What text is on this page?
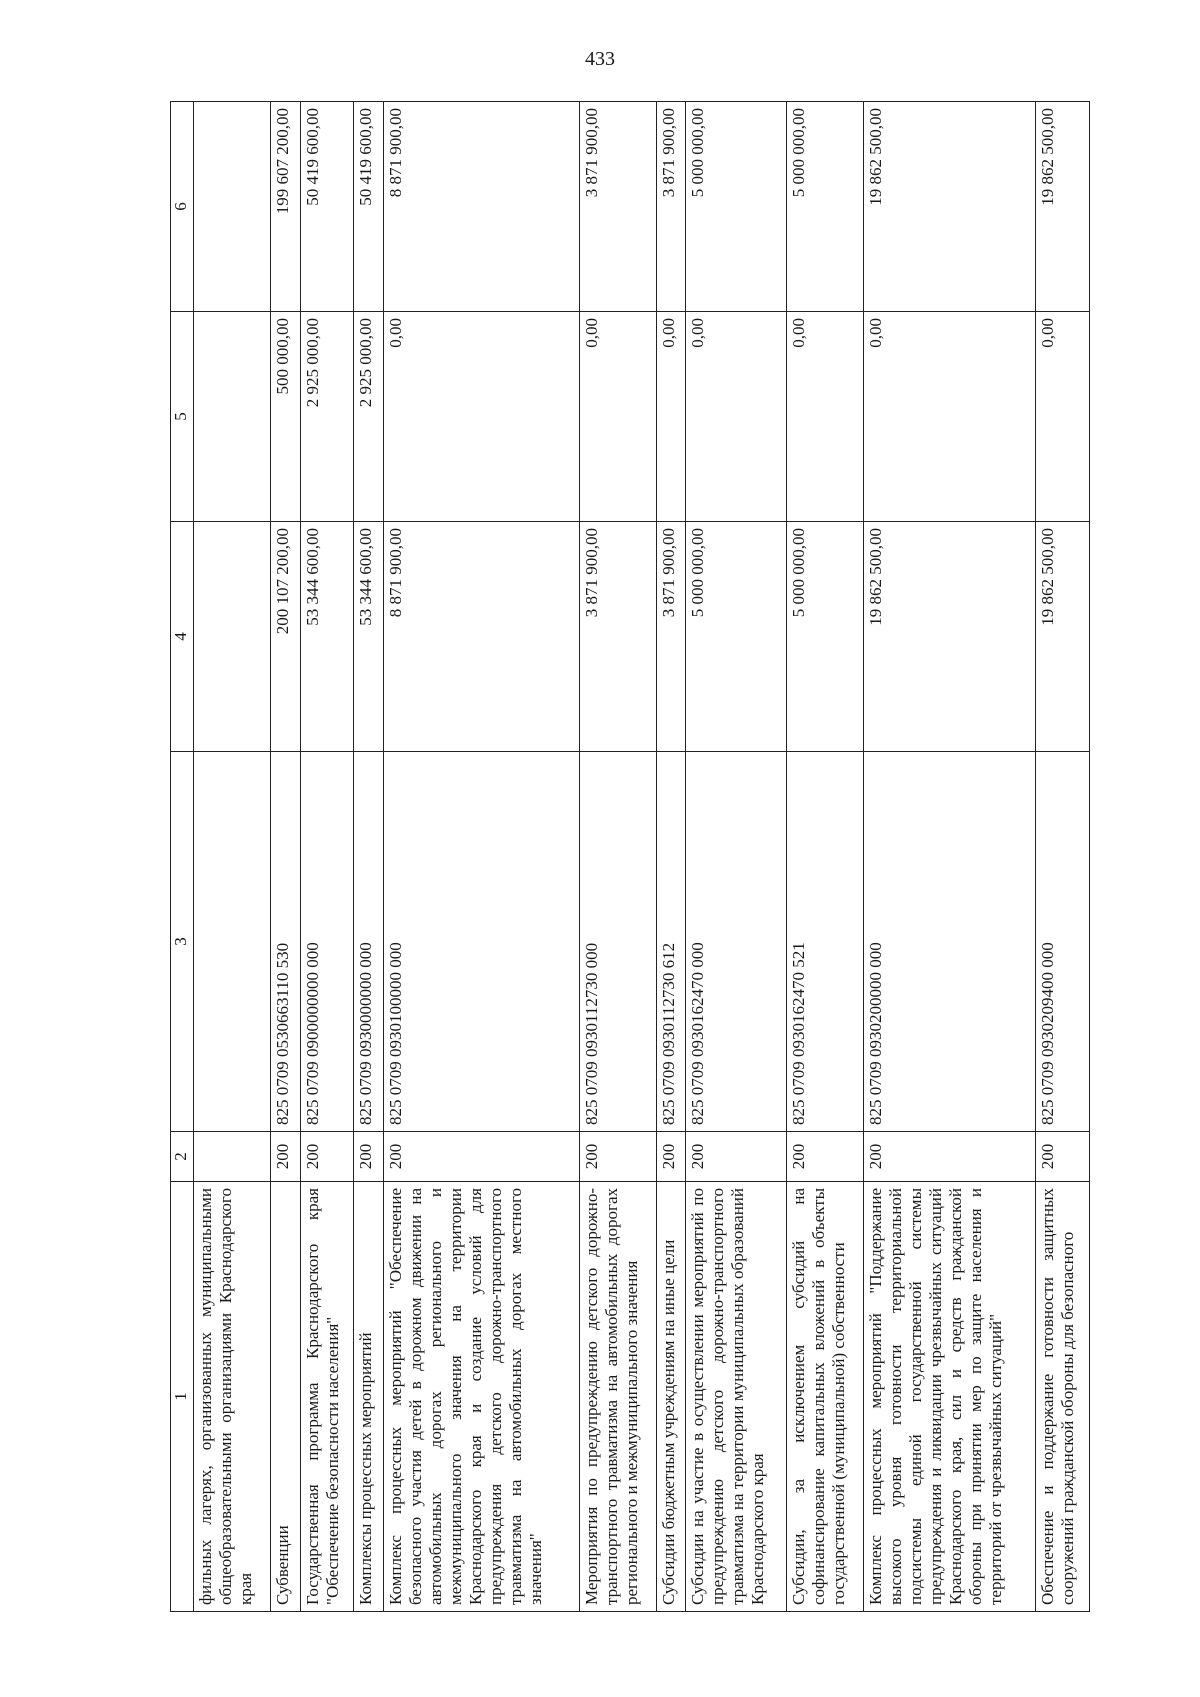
433
1	2	3	4	5	6
фильных лагерях, организованных муниципальными общеобразовательными организациями Краснодарского края					
Субвенции	200	825 0709 0530663110 530	200 107 200,00	500 000,00	199 607 200,00
Государственная программа Краснодарского края "Обеспечение безопасности населения"	200	825 0709 0900000000 000	53 344 600,00	2 925 000,00	50 419 600,00
Комплексы процессных мероприятий	200	825 0709 0930000000 000	53 344 600,00	2 925 000,00	50 419 600,00
Комплекс процессных мероприятий "Обеспечение безопасного участия детей в дорожном движении на автомобильных дорогах регионального и межмуниципального значения на территории Краснодарского края и создание условий для предупреждения детского дорожно-транспортного травматизма на автомобильных дорогах местного значения"	200	825 0709 0930100000 000	8 871 900,00	0,00	8 871 900,00
Мероприятия по предупреждению детского дорожно-транспортного травматизма на автомобильных дорогах регионального и межмуниципального значения	200	825 0709 0930112730 000	3 871 900,00	0,00	3 871 900,00
Субсидии бюджетным учреждениям на иные цели	200	825 0709 0930112730 612	3 871 900,00	0,00	3 871 900,00
Субсидии на участие в осуществлении мероприятий по предупреждению детского дорожно-транспортного травматизма на территории муниципальных образований Краснодарского края	200	825 0709 0930162470 000	5 000 000,00	0,00	5 000 000,00
Субсидии, за исключением субсидий на софинансирование капитальных вложений в объекты государственной (муниципальной) собственности	200	825 0709 0930162470 521	5 000 000,00	0,00	5 000 000,00
Комплекс процессных мероприятий "Поддержание высокого уровня готовности территориальной подсистемы единой государственной системы предупреждения и ликвидации чрезвычайных ситуаций Краснодарского края, сил и средств гражданской обороны при принятии мер по защите населения и территорий от чрезвычайных ситуаций"	200	825 0709 0930200000 000	19 862 500,00	0,00	19 862 500,00
Обеспечение и поддержание готовности защитных сооружений гражданской обороны для безопасного	200	825 0709 0930209400 000	19 862 500,00	0,00	19 862 500,00
